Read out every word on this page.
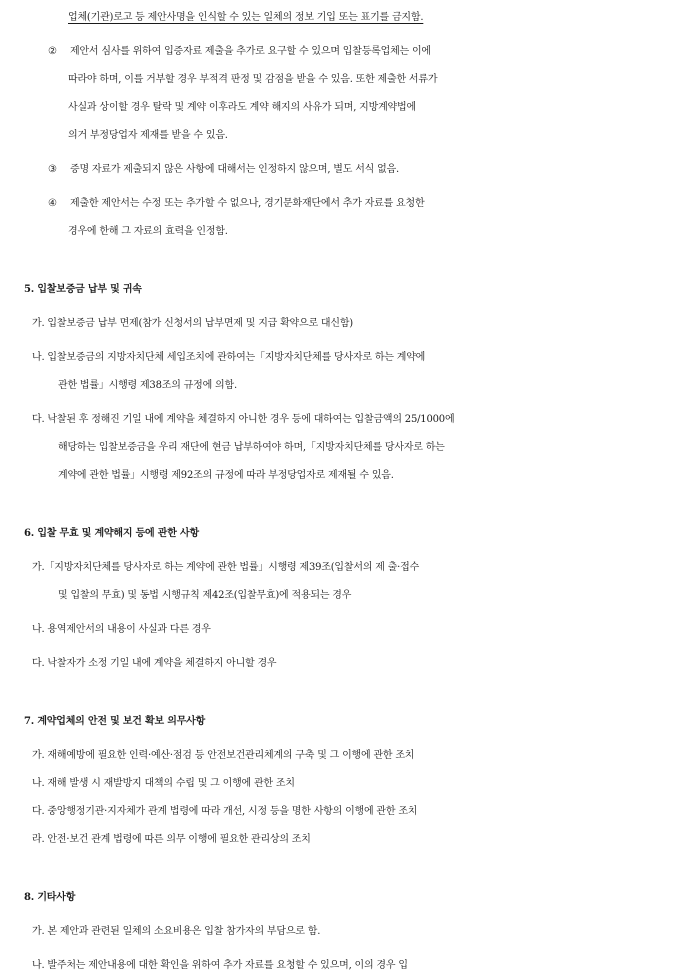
업체(기관)로고 등 제안사명을 인식할 수 있는 일체의 정보 기입 또는 표기를 금지함.
② 제안서 심사를 위하여 입증자료 제출을 추가로 요구할 수 있으며 입찰등록업체는 이에
따라야 하며, 이를 거부할 경우 부적격 판정 및 감점을 받을 수 있음. 또한 제출한 서류가
사실과 상이할 경우 탈락 및 계약 이후라도 계약 해지의 사유가 되며, 지방계약법에
의거 부정당업자 제재를 받을 수 있음.
③ 증명 자료가 제출되지 않은 사항에 대해서는 인정하지 않으며, 별도 서식 없음.
④ 제출한 제안서는 수정 또는 추가할 수 없으나, 경기문화재단에서 추가 자료를 요청한
경우에 한해 그 자료의 효력을 인정함.
5. 입찰보증금 납부 및 귀속
가. 입찰보증금 납부 면제(참가 신청서의 납부면제 및 지급 확약으로 대신함)
나. 입찰보증금의 지방자치단체 세입조치에 관하여는「지방자치단체를 당사자로 하는 계약에
관한 법률」시행령 제38조의 규정에 의함.
다. 낙찰된 후 정해진 기일 내에 계약을 체결하지 아니한 경우 등에 대하여는 입찰금액의 25/1000에
해당하는 입찰보증금을 우리 재단에 현금 납부하여야 하며,「지방자치단체를 당사자로 하는
계약에 관한 법률」시행령 제92조의 규정에 따라 부정당업자로 제재될 수 있음.
6. 입찰 무효 및 계약해지 등에 관한 사항
가.「지방자치단체를 당사자로 하는 계약에 관한 법률」시행령 제39조(입찰서의 제 출·접수
및 입찰의 무효) 및 동법 시행규칙 제42조(입찰무효)에 적용되는 경우
나. 용역제안서의 내용이 사실과 다른 경우
다. 낙찰자가 소정 기일 내에 계약을 체결하지 아니할 경우
7. 계약업체의 안전 및 보건 확보 의무사항
가. 재해예방에 필요한 인력·예산·점검 등 안전보건관리체계의 구축 및 그 이행에 관한 조치
나. 재해 발생 시 재발방지 대책의 수립 및 그 이행에 관한 조치
다. 중앙행정기관·지자체가 관계 법령에 따라 개선, 시정 등을 명한 사항의 이행에 관한 조치
라. 안전·보건 관계 법령에 따른 의무 이행에 필요한 관리상의 조치
8. 기타사항
가. 본 제안과 관련된 일체의 소요비용은 입찰 참가자의 부담으로 함.
나. 발주처는 제안내용에 대한 확인을 위하여 추가 자료를 요청할 수 있으며, 이의 경우 입
